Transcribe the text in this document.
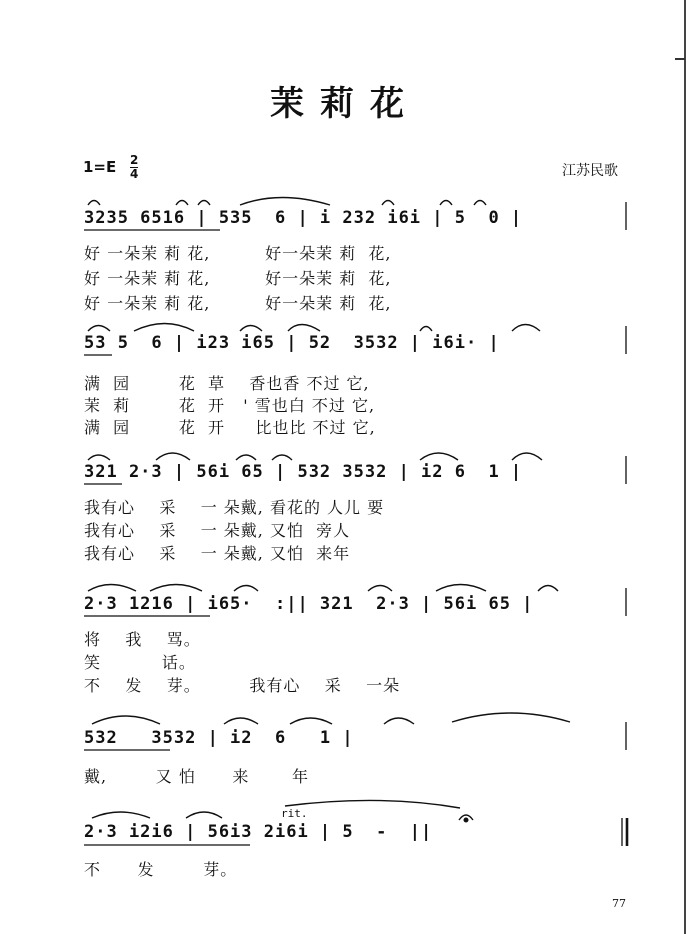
茉莉花
1=E 2
4	江苏民歌
3235 6516 | 535  6 | i 232 i6i | 5  0 |
好 一朵茉 莉 花,         好一朵茉 莉  花,
好 一朵茉 莉 花,         好一朵茉 莉  花,
好 一朵茉 莉 花,         好一朵茉 莉  花,
53 5  6 | i23 i65 | 52  3532 | i6i· |
满  园        花  草    香也香 不过 它,
茉  莉        花  开   ' 雪也白 不过 它,
满  园        花  开     比也比 不过 它,
321 2·3 | 56i 65 | 532 3532 | i2 6  1 |
我有心    采    一 朵戴, 看花的 人儿 要
我有心    采    一 朵戴, 又怕  旁人
我有心    采    一 朵戴, 又怕  来年
2·3 1216 | i65·  :|| 321  2·3 | 56i 65 |
将    我    骂。
笑          话。
不    发    芽。        我有心    采    一朵
532   3532 | i2  6   1 |
戴,        又 怕      来       年
rit.
2·3 i2i6 | 56i3 2i6i | 5  -  ||
不      发        芽。
77
